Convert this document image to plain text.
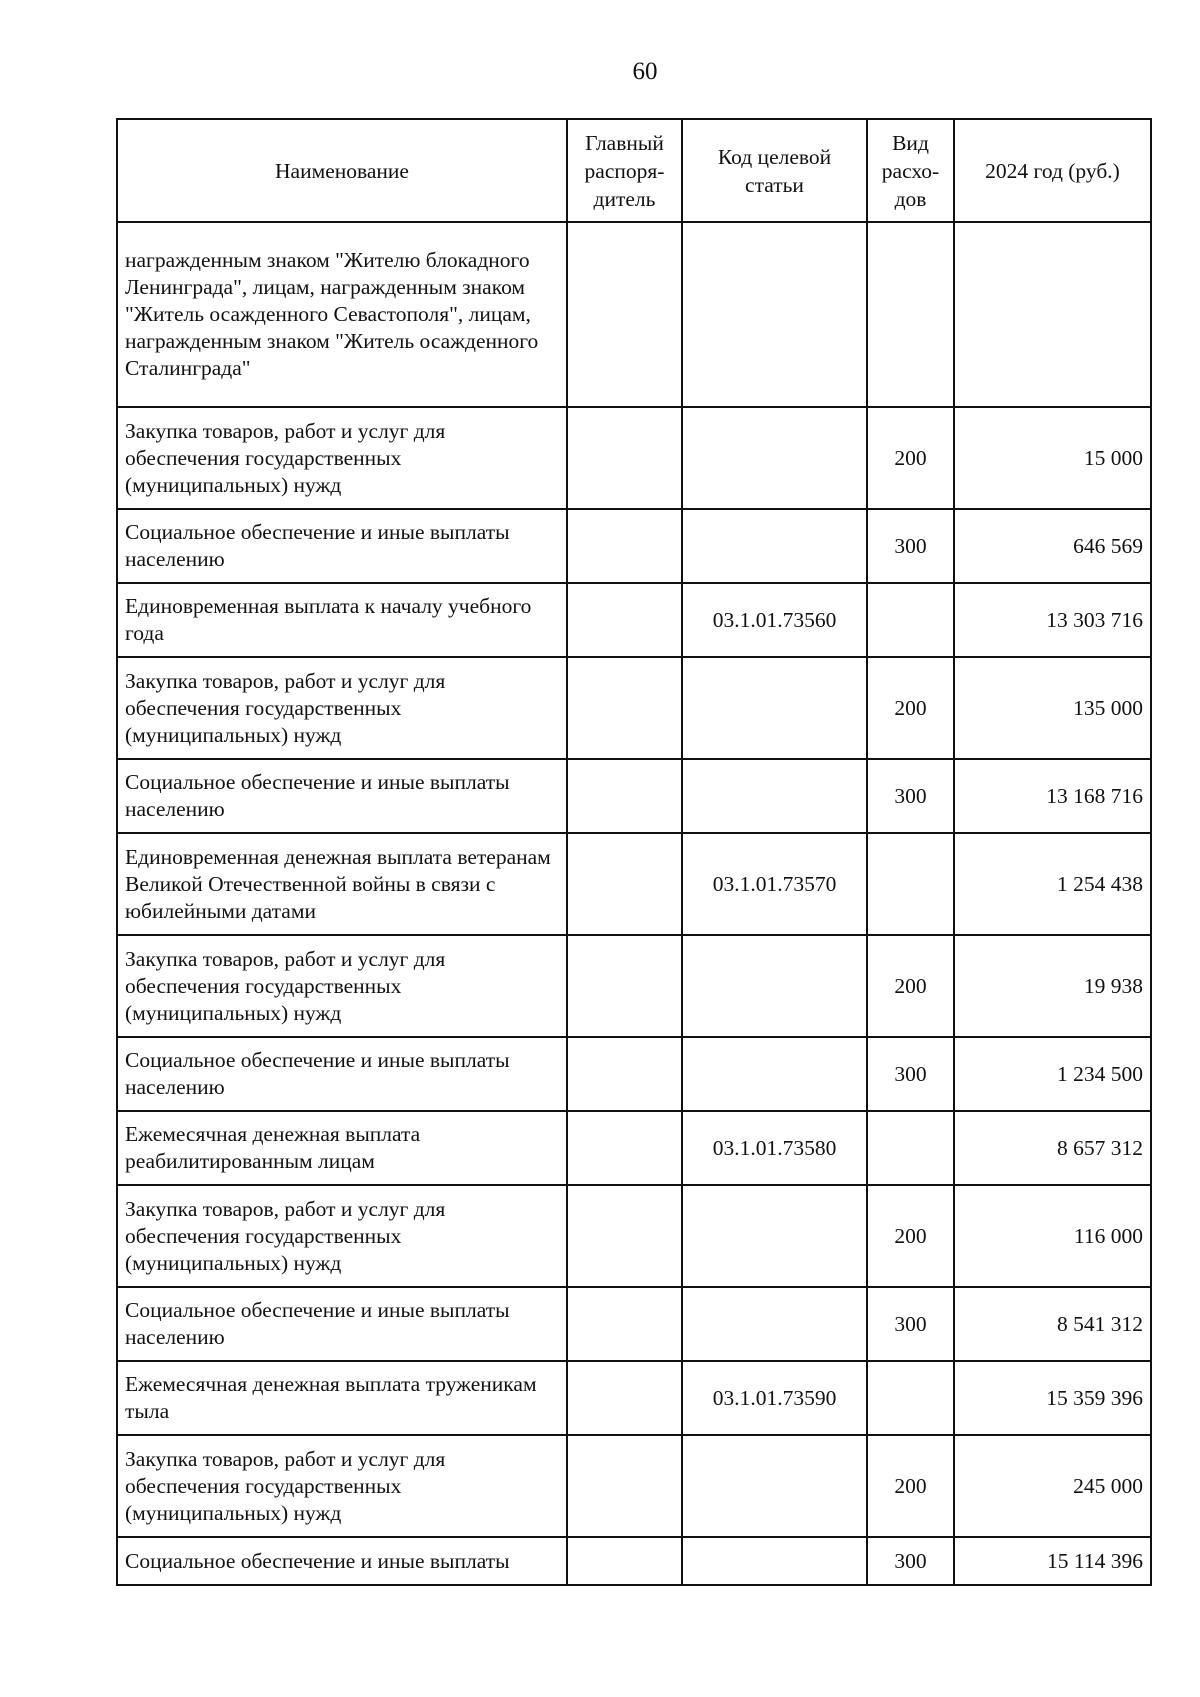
60
Наименование	Главный распоря-дитель	Код целевой статьи	Вид расхо-дов	2024 год (руб.)
награжденным знаком "Жителю блокадного Ленинграда", лицам, награжденным знаком "Житель осажденного Севастополя", лицам, награжденным знаком "Житель осажденного Сталинграда"				
Закупка товаров, работ и услуг для обеспечения государственных (муниципальных) нужд			200	15 000
Социальное обеспечение и иные выплаты населению			300	646 569
Единовременная выплата к началу учебного года		03.1.01.73560		13 303 716
Закупка товаров, работ и услуг для обеспечения государственных (муниципальных) нужд			200	135 000
Социальное обеспечение и иные выплаты населению			300	13 168 716
Единовременная денежная выплата ветеранам Великой Отечественной войны в связи с юбилейными датами		03.1.01.73570		1 254 438
Закупка товаров, работ и услуг для обеспечения государственных (муниципальных) нужд			200	19 938
Социальное обеспечение и иные выплаты населению			300	1 234 500
Ежемесячная денежная выплата реабилитированным лицам		03.1.01.73580		8 657 312
Закупка товаров, работ и услуг для обеспечения государственных (муниципальных) нужд			200	116 000
Социальное обеспечение и иные выплаты населению			300	8 541 312
Ежемесячная денежная выплата труженикам тыла		03.1.01.73590		15 359 396
Закупка товаров, работ и услуг для обеспечения государственных (муниципальных) нужд			200	245 000
Социальное обеспечение и иные выплаты			300	15 114 396
